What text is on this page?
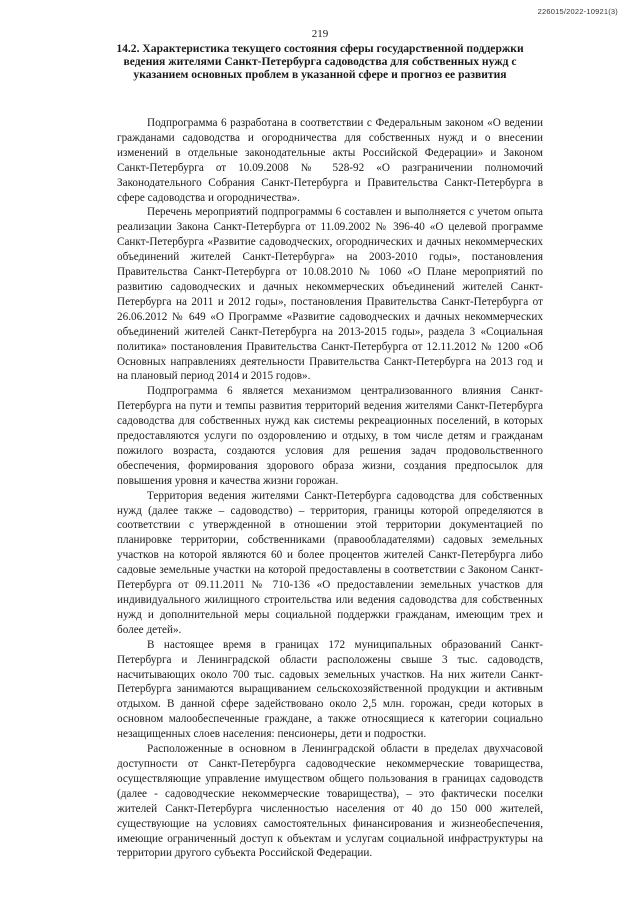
226015/2022-10921(3)
219
14.2. Характеристика текущего состояния сферы государственной поддержки ведения жителями Санкт-Петербурга садоводства для собственных нужд с указанием основных проблем в указанной сфере и прогноз ее развития

Подпрограмма 6 разработана в соответствии с Федеральным законом «О ведении гражданами садоводства и огородничества для собственных нужд и о внесении изменений в отдельные законодательные акты Российской Федерации» и Законом Санкт-Петербурга от 10.09.2008 № 528-92 «О разграничении полномочий Законодательного Собрания Санкт-Петербурга и Правительства Санкт-Петербурга в сфере садоводства и огородничества».

Перечень мероприятий подпрограммы 6 составлен и выполняется с учетом опыта реализации Закона Санкт-Петербурга от 11.09.2002 № 396-40 «О целевой программе Санкт-Петербурга «Развитие садоводческих, огороднических и дачных некоммерческих объединений жителей Санкт-Петербурга» на 2003-2010 годы», постановления Правительства Санкт-Петербурга от 10.08.2010 № 1060 «О Плане мероприятий по развитию садоводческих и дачных некоммерческих объединений жителей Санкт-Петербурга на 2011 и 2012 годы», постановления Правительства Санкт-Петербурга от 26.06.2012 № 649 «О Программе «Развитие садоводческих и дачных некоммерческих объединений жителей Санкт-Петербурга на 2013-2015 годы», раздела 3 «Социальная политика» постановления Правительства Санкт-Петербурга от 12.11.2012 № 1200 «Об Основных направлениях деятельности Правительства Санкт-Петербурга на 2013 год и на плановый период 2014 и 2015 годов».

Подпрограмма 6 является механизмом централизованного влияния Санкт-Петербурга на пути и темпы развития территорий ведения жителями Санкт-Петербурга садоводства для собственных нужд как системы рекреационных поселений, в которых предоставляются услуги по оздоровлению и отдыху, в том числе детям и гражданам пожилого возраста, создаются условия для решения задач продовольственного обеспечения, формирования здорового образа жизни, создания предпосылок для повышения уровня и качества жизни горожан.

Территория ведения жителями Санкт-Петербурга садоводства для собственных нужд (далее также – садоводство) – территория, границы которой определяются в соответствии с утвержденной в отношении этой территории документацией по планировке территории, собственниками (правообладателями) садовых земельных участков на которой являются 60 и более процентов жителей Санкт-Петербурга либо садовые земельные участки на которой предоставлены в соответствии с Законом Санкт-Петербурга от 09.11.2011 № 710-136 «О предоставлении земельных участков для индивидуального жилищного строительства или ведения садоводства для собственных нужд и дополнительной меры социальной поддержки гражданам, имеющим трех и более детей».

В настоящее время в границах 172 муниципальных образований Санкт-Петербурга и Ленинградской области расположены свыше 3 тыс. садоводств, насчитывающих около 700 тыс. садовых земельных участков. На них жители Санкт-Петербурга занимаются выращиванием сельскохозяйственной продукции и активным отдыхом. В данной сфере задействовано около 2,5 млн. горожан, среди которых в основном малообеспеченные граждане, а также относящиеся к категории социально незащищенных слоев населения: пенсионеры, дети и подростки.

Расположенные в основном в Ленинградской области в пределах двухчасовой доступности от Санкт-Петербурга садоводческие некоммерческие товарищества, осуществляющие управление имуществом общего пользования в границах садоводств (далее - садоводческие некоммерческие товарищества), – это фактически поселки жителей Санкт-Петербурга численностью населения от 40 до 150 000 жителей, существующие на условиях самостоятельных финансирования и жизнеобеспечения, имеющие ограниченный доступ к объектам и услугам социальной инфраструктуры на территории другого субъекта Российской Федерации.
